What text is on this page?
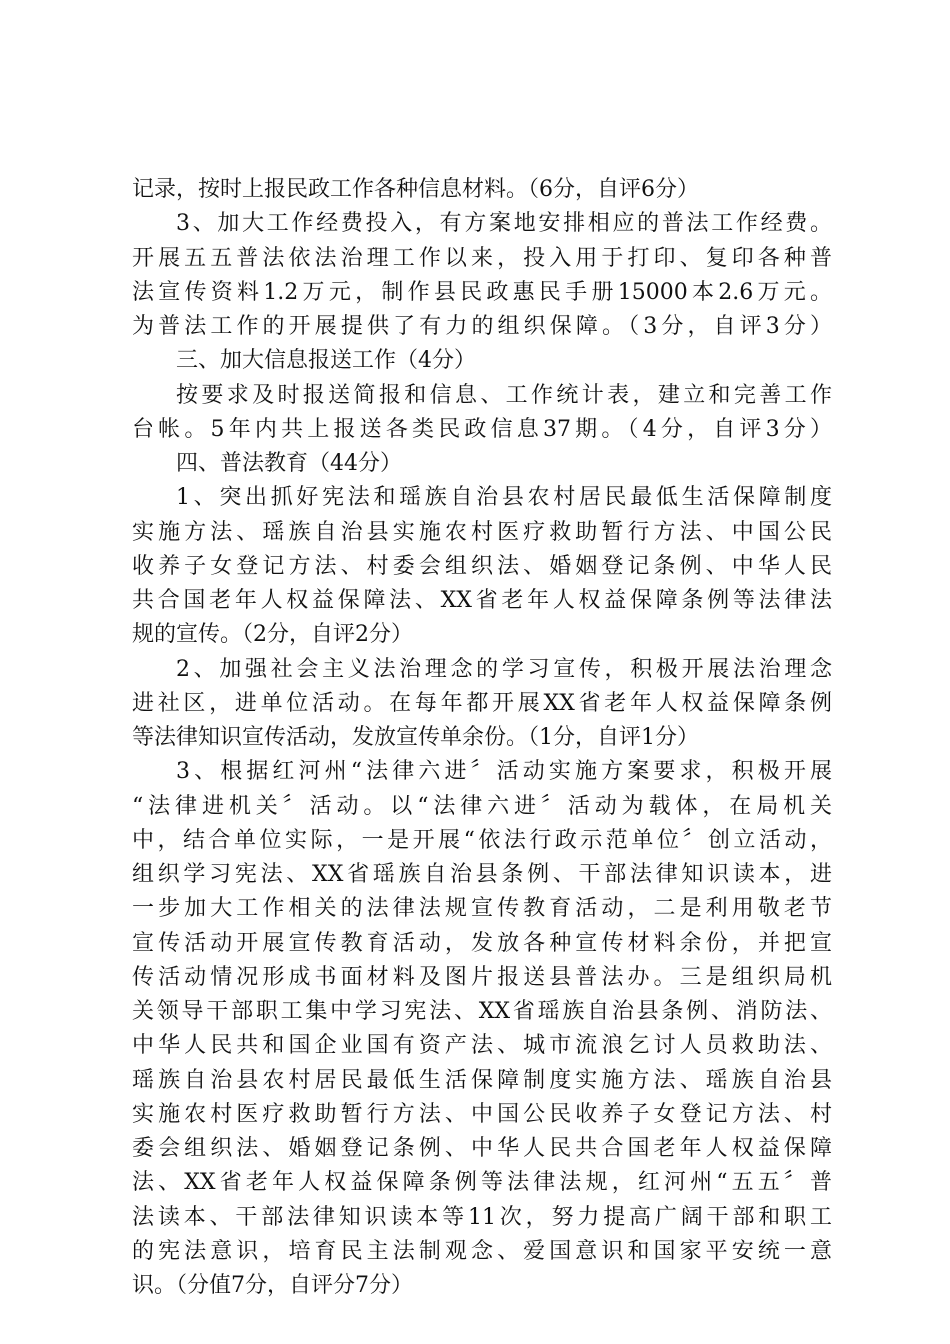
记录，按时上报民政工作各种信息材料。（6分，自评6分）
3、加大工作经费投入，有方案地安排相应的普法工作经费。
开展五五普法依法治理工作以来，投入用于打印、复印各种普
法宣传资料1.2万元，制作县民政惠民手册15000本2.6万元。
为普法工作的开展提供了有力的组织保障。（3分，自评3分）
三、加大信息报送工作（4分）
按要求及时报送简报和信息、工作统计表，建立和完善工作
台帐。5年内共上报送各类民政信息37期。（4分，自评3分）
四、普法教育（44分）
1、突出抓好宪法和瑶族自治县农村居民最低生活保障制度
实施方法、瑶族自治县实施农村医疗救助暂行方法、中国公民
收养子女登记方法、村委会组织法、婚姻登记条例、中华人民
共合国老年人权益保障法、XX省老年人权益保障条例等法律法
规的宣传。（2分，自评2分）
2、加强社会主义法治理念的学习宣传，积极开展法治理念
进社区，进单位活动。在每年都开展XX省老年人权益保障条例
等法律知识宣传活动，发放宣传单余份。（1分，自评1分）
3、根据红河州“法律六进〞活动实施方案要求，积极开展
“法律进机关〞活动。以“法律六进〞活动为载体，在局机关
中，结合单位实际，一是开展“依法行政示范单位〞创立活动，
组织学习宪法、XX省瑶族自治县条例、干部法律知识读本，进
一步加大工作相关的法律法规宣传教育活动，二是利用敬老节
宣传活动开展宣传教育活动，发放各种宣传材料余份，并把宣
传活动情况形成书面材料及图片报送县普法办。三是组织局机
关领导干部职工集中学习宪法、XX省瑶族自治县条例、消防法、
中华人民共和国企业国有资产法、城市流浪乞讨人员救助法、
瑶族自治县农村居民最低生活保障制度实施方法、瑶族自治县
实施农村医疗救助暂行方法、中国公民收养子女登记方法、村
委会组织法、婚姻登记条例、中华人民共合国老年人权益保障
法、XX省老年人权益保障条例等法律法规，红河州“五五〞普
法读本、干部法律知识读本等11次，努力提高广阔干部和职工
的宪法意识，培育民主法制观念、爱国意识和国家平安统一意
识。（分值7分，自评分7分）
